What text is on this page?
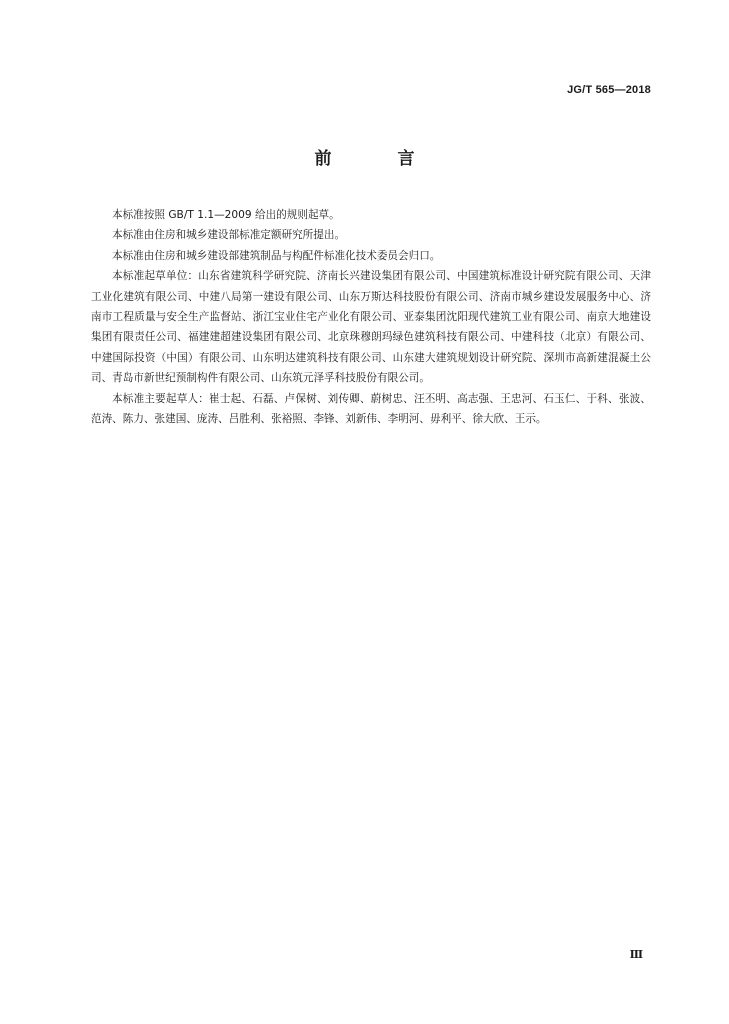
JG/T 565—2018
前 言

本标准按照 GB/T 1.1—2009 给出的规则起草。

本标准由住房和城乡建设部标准定额研究所提出。

本标准由住房和城乡建设部建筑制品与构配件标准化技术委员会归口。

本标准起草单位：山东省建筑科学研究院、济南长兴建设集团有限公司、中国建筑标准设计研究院有限公司、天津工业化建筑有限公司、中建八局第一建设有限公司、山东万斯达科技股份有限公司、济南市城乡建设发展服务中心、济南市工程质量与安全生产监督站、浙江宝业住宅产业化有限公司、亚泰集团沈阳现代建筑工业有限公司、南京大地建设集团有限责任公司、福建建超建设集团有限公司、北京珠穆朗玛绿色建筑科技有限公司、中建科技（北京）有限公司、中建国际投资（中国）有限公司、山东明达建筑科技有限公司、山东建大建筑规划设计研究院、深圳市高新建混凝土公司、青岛市新世纪预制构件有限公司、山东筑元泽孚科技股份有限公司。

本标准主要起草人：崔士起、石磊、卢保树、刘传卿、蔚树忠、汪丕明、高志强、王忠河、石玉仁、于科、张波、范涛、陈力、张建国、庞涛、吕胜利、张裕照、李锋、刘新伟、李明河、毋利平、徐大欣、王示。

Ⅲ
